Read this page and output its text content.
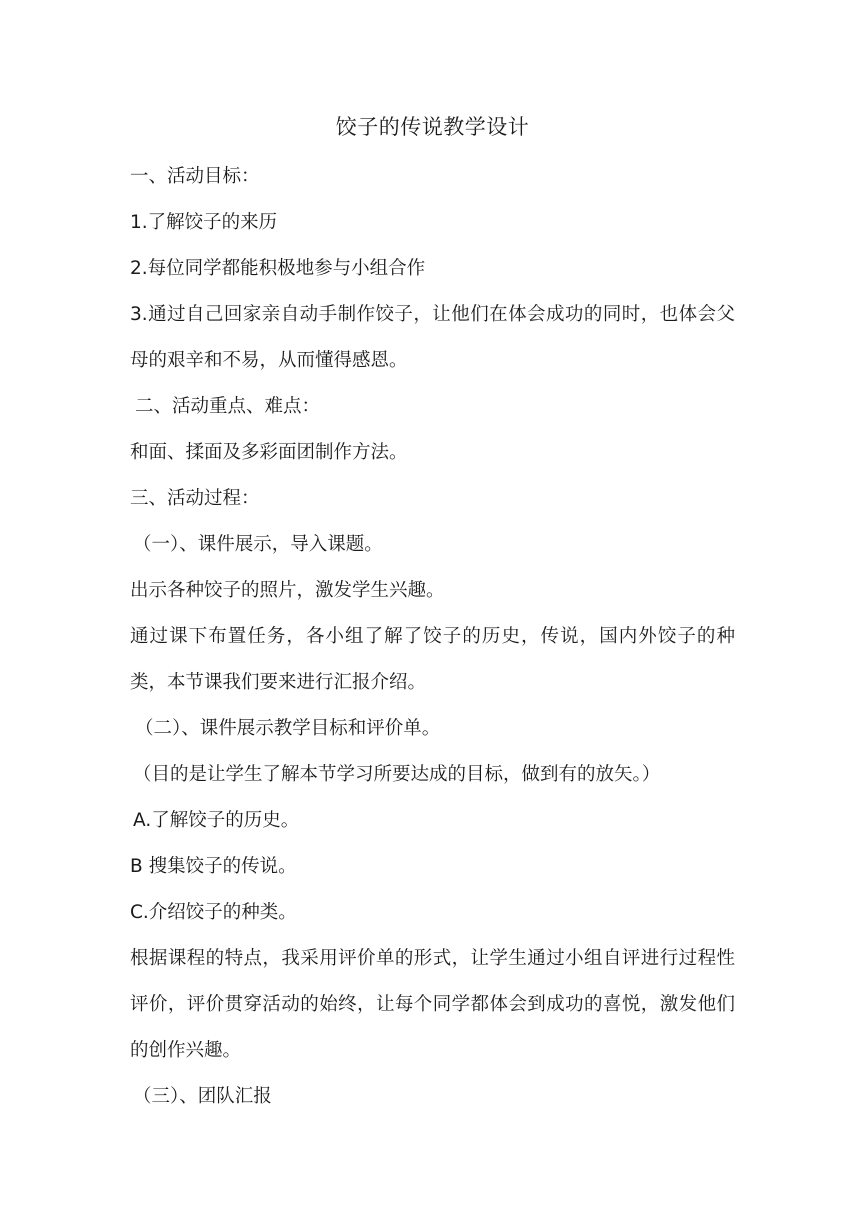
饺子的传说教学设计

一、活动目标：

1.了解饺子的来历

2.每位同学都能积极地参与小组合作

3.通过自己回家亲自动手制作饺子，让他们在体会成功的同时，也体会父母的艰辛和不易，从而懂得感恩。

二、活动重点、难点：

和面、揉面及多彩面团制作方法。

三、活动过程：

（一）、课件展示，导入课题。

出示各种饺子的照片，激发学生兴趣。

通过课下布置任务，各小组了解了饺子的历史，传说，国内外饺子的种类，本节课我们要来进行汇报介绍。

（二）、课件展示教学目标和评价单。

（目的是让学生了解本节学习所要达成的目标，做到有的放矢。）

A.了解饺子的历史。

B 搜集饺子的传说。

C.介绍饺子的种类。

根据课程的特点，我采用评价单的形式，让学生通过小组自评进行过程性评价，评价贯穿活动的始终，让每个同学都体会到成功的喜悦，激发他们的创作兴趣。

（三）、团队汇报
